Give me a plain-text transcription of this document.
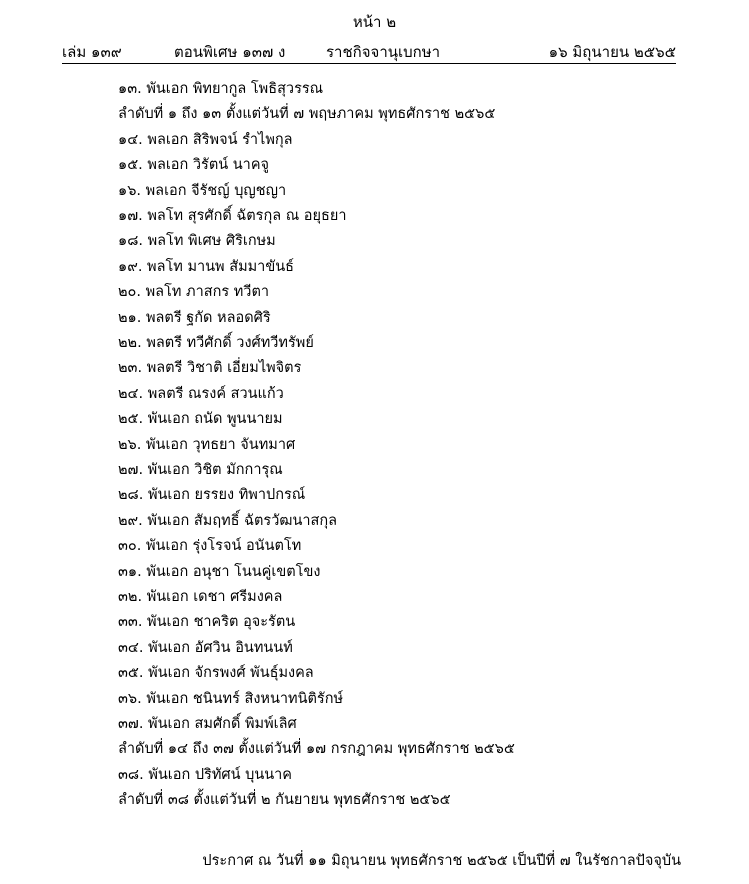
หน้า ๒
เล่ม ๑๓๙	ตอนพิเศษ ๑๓๗ ง	ราชกิจจานุเบกษา	๑๖ มิถุนายน ๒๕๖๕
๑๓. พันเอก พิทยากูล โพธิสุวรรณ
ลำดับที่ ๑ ถึง ๑๓ ตั้งแต่วันที่ ๗ พฤษภาคม พุทธศักราช ๒๕๖๕
๑๔. พลเอก สิริพจน์ รำไพกุล
๑๕. พลเอก วิรัตน์ นาคจู
๑๖. พลเอก จีรัชญ์ บุญชญา
๑๗. พลโท สุรศักดิ์ ฉัตรกุล ณ อยุธยา
๑๘. พลโท พิเศษ ศิริเกษม
๑๙. พลโท มานพ สัมมาขันธ์
๒๐. พลโท ภาสกร ทวีตา
๒๑. พลตรี ฐกัด หลอดศิริ
๒๒. พลตรี ทวีศักดิ์ วงศ์ทวีทรัพย์
๒๓. พลตรี วิชาติ เอี่ยมไพจิตร
๒๔. พลตรี ณรงค์ สวนแก้ว
๒๕. พันเอก ถนัด พูนนายม
๒๖. พันเอก วุทธยา จันทมาศ
๒๗. พันเอก วิชิต มักการุณ
๒๘. พันเอก ยรรยง ทิพาปกรณ์
๒๙. พันเอก สัมฤทธิ์ ฉัตรวัฒนาสกุล
๓๐. พันเอก รุ่งโรจน์ อนันตโท
๓๑. พันเอก อนุชา โนนคู่เขตโขง
๓๒. พันเอก เดชา ศรีมงคล
๓๓. พันเอก ชาคริต อุจะรัตน
๓๔. พันเอก อัศวิน อินทนนท์
๓๕. พันเอก จักรพงศ์ พันธุ์มงคล
๓๖. พันเอก ชนินทร์ สิงหนาทนิติรักษ์
๓๗. พันเอก สมศักดิ์ พิมพ์เลิศ
ลำดับที่ ๑๔ ถึง ๓๗ ตั้งแต่วันที่ ๑๗ กรกฎาคม พุทธศักราช ๒๕๖๕
๓๘. พันเอก ปริทัศน์ บุนนาค
ลำดับที่ ๓๘ ตั้งแต่วันที่ ๒ กันยายน พุทธศักราช ๒๕๖๕
ประกาศ ณ วันที่ ๑๑ มิถุนายน พุทธศักราช ๒๕๖๕ เป็นปีที่ ๗ ในรัชกาลปัจจุบัน
